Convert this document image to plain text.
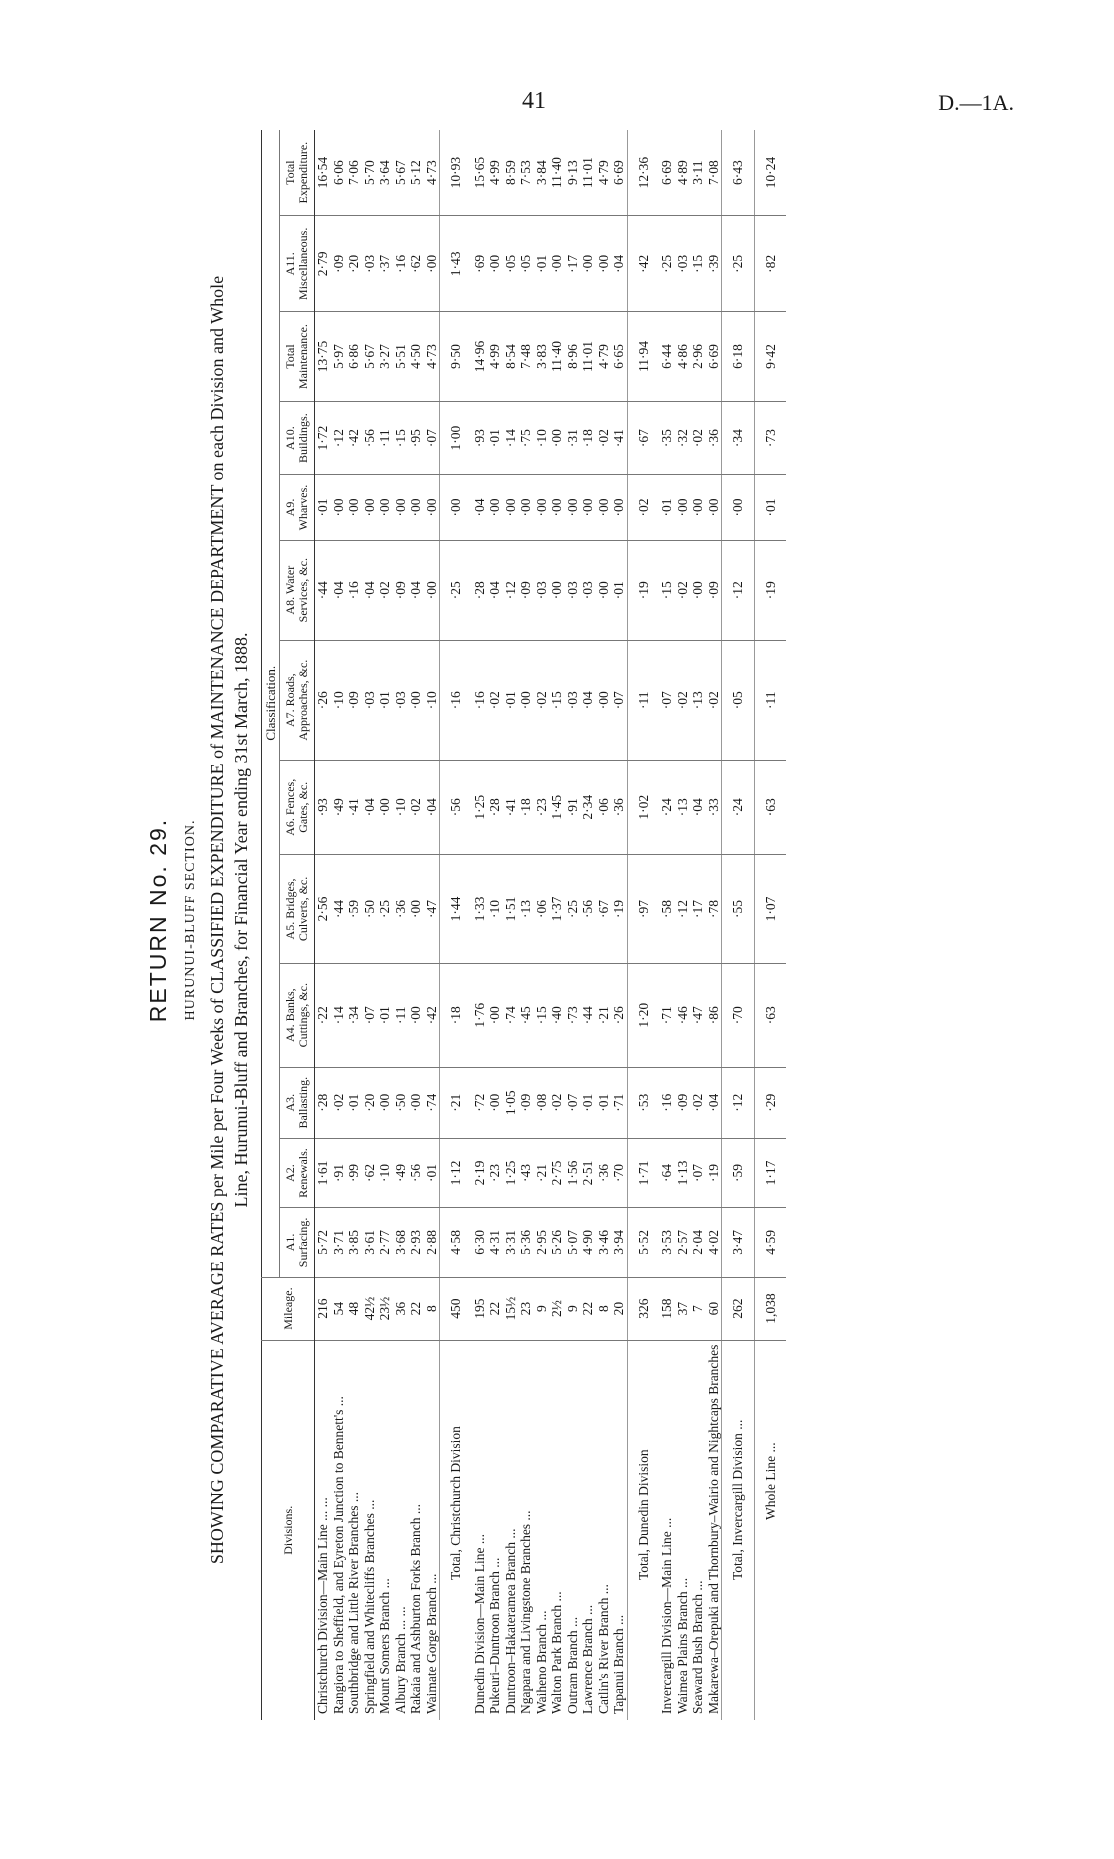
41	D.—1A.
RETURN No. 29. HURUNUI-BLUFF SECTION. SHOWING COMPARATIVE AVERAGE RATES per Mile per Four Weeks of CLASSIFIED EXPENDITURE of MAINTENANCE DEPARTMENT on each Division and Whole Line, Hurunui-Bluff and Branches, for Financial Year ending 31st March, 1888.
Divisions.	Mileage.	Classification.												
		A1. Surfacing.	A2. Renewals.	A3. Ballasting.	A4. Banks, Cuttings, &c.	A5. Bridges, Culverts, &c.	A6. Fences, Gates, &c.	A7. Roads, Approaches, &c.	A8. Water Services, &c.	A9. Wharves.	A10. Buildings.	Total Maintenance.	A11. Miscellaneous.	Total Expenditure.
Christchurch Division—Main Line ... ...	216	5·72	1·61	·28	·22	2·56	·93	·26	·44	·01	1·72	13·75	2·79	16·54
Rangiora to Sheffield, and Eyreton Junction to Bennett's ...	54	3·71	·91	·02	·14	·44	·49	·10	·04	·00	·12	5·97	·09	6·06
Southbridge and Little River Branches ...	48	3·85	·99	·01	·34	·59	·41	·09	·16	·00	·42	6·86	·20	7·06
Springfield and Whitecliffs Branches ...	42½	3·61	·62	·20	·07	·50	·04	·03	·04	·00	·56	5·67	·03	5·70
Mount Somers Branch ...	23½	2·77	·10	·00	·01	·25	·00	·01	·02	·00	·11	3·27	·37	3·64
Albury Branch ... ...	36	3·68	·49	·50	·11	·36	·10	·03	·09	·00	·15	5·51	·16	5·67
Rakaia and Ashburton Forks Branch ...	22	2·93	·56	·00	·00	·00	·02	·00	·04	·00	·95	4·50	·62	5·12
Waimate Gorge Branch ...	8	2·88	·01	·74	·42	·47	·04	·10	·00	·00	·07	4·73	·00	4·73
Total, Christchurch Division	450	4·58	1·12	·21	·18	1·44	·56	·16	·25	·00	1·00	9·50	1·43	10·93
Dunedin Division—Main Line ...	195	6·30	2·19	·72	1·76	1·33	1·25	·16	·28	·04	·93	14·96	·69	15·65
Pukeuri–Duntroon Branch ...	22	4·31	·23	·00	·00	·10	·28	·02	·04	·00	·01	4·99	·00	4·99
Duntroon–Hakateramea Branch ...	15½	3·31	1·25	1·05	·74	1·51	·41	·01	·12	·00	·14	8·54	·05	8·59
Ngapara and Livingstone Branches ...	23	5·36	·43	·09	·45	·13	·18	·00	·09	·00	·75	7·48	·05	7·53
Waiheno Branch ...	9	2·95	·21	·08	·15	·06	·23	·02	·03	·00	·10	3·83	·01	3·84
Walton Park Branch ...	2½	5·26	2·75	·02	·40	1·37	1·45	·15	·00	·00	·00	11·40	·00	11·40
Outram Branch ...	9	5·07	1·56	·07	·73	·25	·91	·03	·03	·00	·31	8·96	·17	9·13
Lawrence Branch ...	22	4·90	2·51	·01	·44	·56	2·34	·04	·03	·00	·18	11·01	·00	11·01
Catlin's River Branch ...	8	3·46	·36	·01	·21	·67	·06	·00	·00	·00	·02	4·79	·00	4·79
Tapanui Branch ...	20	3·94	·70	·71	·26	·19	·36	·07	·01	·00	·41	6·65	·04	6·69
Total, Dunedin Division	326	5·52	1·71	·53	1·20	·97	1·02	·11	·19	·02	·67	11·94	·42	12·36
Invercargill Division—Main Line ...	158	3·53	·64	·16	·71	·58	·24	·07	·15	·01	·35	6·44	·25	6·69
Waimea Plains Branch ...	37	2·57	1·13	·09	·46	·12	·13	·02	·02	·00	·32	4·86	·03	4·89
Seaward Bush Branch ...	7	2·04	·07	·02	·47	·17	·04	·13	·00	·00	·02	2·96	·15	3·11
Makarewa–Orepuki and Thornbury–Wairio and Nightcaps Branches	60	4·02	·19	·04	·86	·78	·33	·02	·09	·00	·36	6·69	·39	7·08
Total, Invercargill Division ...	262	3·47	·59	·12	·70	·55	·24	·05	·12	·00	·34	6·18	·25	6·43
Whole Line ...	1,038	4·59	1·17	·29	·63	1·07	·63	·11	·19	·01	·73	9·42	·82	10·24
